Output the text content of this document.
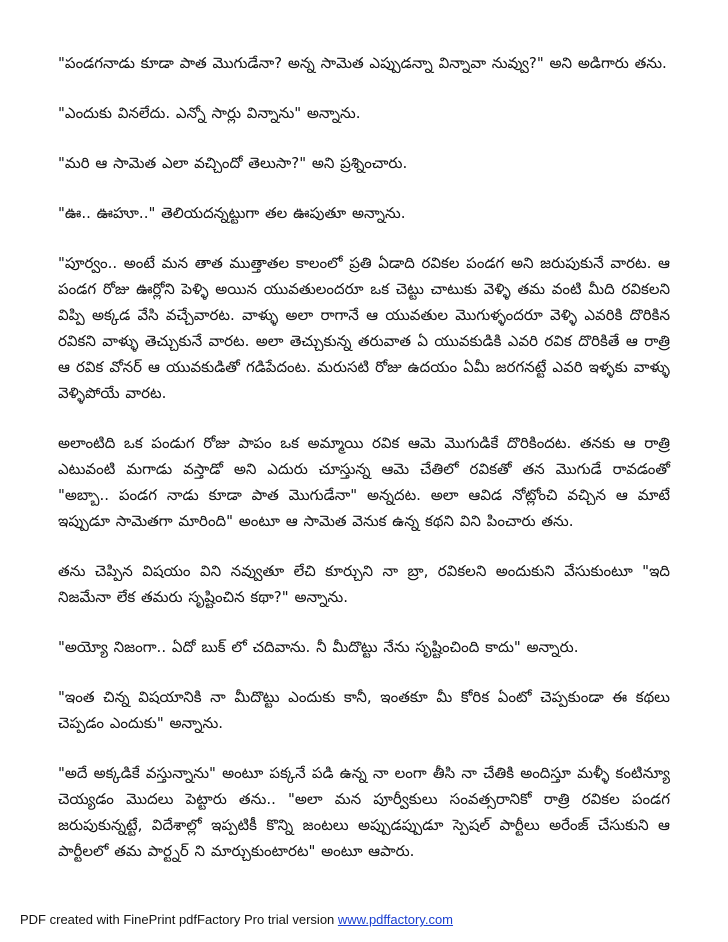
"పండగనాడు కూడా పాత మొగుడేనా? అన్న సామెత ఎప్పుడన్నా విన్నావా నువ్వు?" అని అడిగారు తను.

"ఎందుకు వినలేదు. ఎన్నో సార్లు విన్నాను" అన్నాను.

"మరి ఆ సామెత ఎలా వచ్చిందో తెలుసా?" అని ప్రశ్నించారు.

"ఊ.. ఊహూ.." తెలియదన్నట్టుగా తల ఊపుతూ అన్నాను.

"పూర్వం.. అంటే మన తాత ముత్తాతల కాలంలో ప్రతి ఏడాది రవికల పండగ అని జరుపుకునే వారట. ఆ పండగ రోజు ఊర్లోని పెళ్ళి అయిన యువతులందరూ ఒక చెట్టు చాటుకు వెళ్ళి తమ వంటి మీది రవికలని విప్పి అక్కడ వేసి వచ్చేవారట. వాళ్ళు అలా రాగానే ఆ యువతుల మొగుళ్ళందరూ వెళ్ళి ఎవరికి దొరికిన రవికని వాళ్ళు తెచ్చుకునే వారట. అలా తెచ్చుకున్న తరువాత ఏ యువకుడికి ఎవరి రవిక దొరికితే ఆ రాత్రి ఆ రవిక వోనర్ ఆ యువకుడితో గడిపేదంట. మరుసటి రోజు ఉదయం ఏమీ జరగనట్టే ఎవరి ఇళ్ళకు వాళ్ళు వెళ్ళిపోయే వారట.

అలాంటిది ఒక పండుగ రోజు పాపం ఒక అమ్మాయి రవిక ఆమె మొగుడికే దొరికిందట. తనకు ఆ రాత్రి ఎటువంటి మగాడు వస్తాడో అని ఎదురు చూస్తున్న ఆమె చేతిలో రవికతో తన మొగుడే రావడంతో "అబ్బా.. పండగ నాడు కూడా పాత మొగుడేనా" అన్నదట. అలా ఆవిడ నోట్లోంచి వచ్చిన ఆ మాటే ఇప్పుడూ సామెతగా మారింది" అంటూ ఆ సామెత వెనుక ఉన్న కథని విని పించారు తను.

తను చెప్పిన విషయం విని నవ్వుతూ లేచి కూర్చుని నా బ్రా, రవికలని అందుకుని వేసుకుంటూ "ఇది నిజమేనా లేక తమరు సృష్టించిన కథా?" అన్నాను.

"అయ్యో నిజంగా.. ఏదో బుక్ లో చదివాను. నీ మీదొట్టు నేను సృష్టించింది కాదు" అన్నారు.

"ఇంత చిన్న విషయానికి నా మీదొట్టు ఎందుకు కానీ, ఇంతకూ మీ కోరిక ఏంటో చెప్పకుండా ఈ కథలు చెప్పడం ఎందుకు" అన్నాను.

"అదే అక్కడికే వస్తున్నాను" అంటూ పక్కనే పడి ఉన్న నా లంగా తీసి నా చేతికి అందిస్తూ మళ్ళీ కంటిన్యూ చెయ్యడం మొదలు పెట్టారు తను.. "అలా మన పూర్వీకులు సంవత్సరానికో రాత్రి రవికల పండగ జరుపుకున్నట్టే, విదేశాల్లో ఇప్పటికీ కొన్ని జంటలు అప్పుడప్పుడూ స్పెషల్ పార్టీలు అరేంజ్ చేసుకుని ఆ పార్టీలలో తమ పార్ట్నర్ ని మార్చుకుంటారట" అంటూ ఆపారు.

PDF created with FinePrint pdfFactory Pro trial version www.pdffactory.com
